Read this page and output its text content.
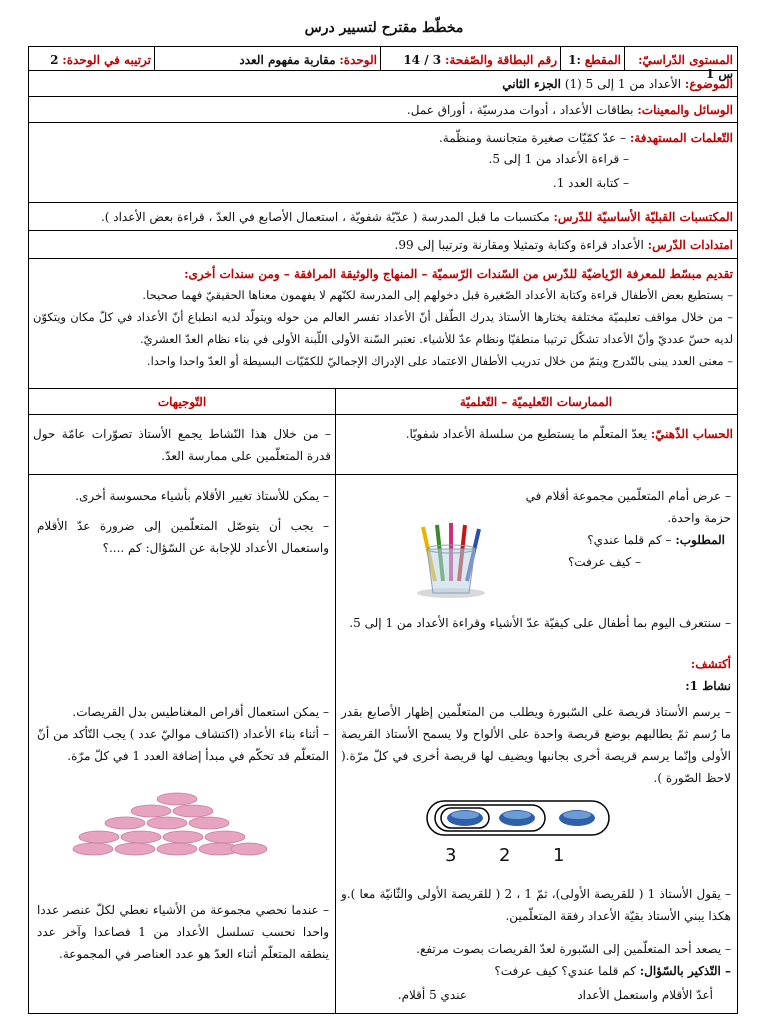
مخطّط مقترح لتسيير درس
المستوى الدّراسيّ: س 1
المقطع :1
رقم البطاقة والصّفحة: 3 / 14
الوحدة: مقاربة مفهوم العدد
ترتيبه في الوحدة: 2
الموضوع: الأعداد من 1 إلى 5 (1) الجزء الثاني
الوسائل والمعينات: بطاقات الأعداد ، أدوات مدرسيّة ، أوراق عمل.
التّعلمات المستهدفة: – عدّ كمّيّات صغيرة متجانسة ومنظّمة.
– قراءة الأعداد من 1 إلى 5.
– كتابة العدد 1.
المكتسبات القبليّة الأساسيّة للدّرس: مكتسبات ما قبل المدرسة ( عدّيّة شفويّة ، استعمال الأصابع في العدّ ، قراءة بعض الأعداد ).
امتدادات الدّرس: الأعداد قراءة وكتابة وتمثيلا ومقارنة وترتيبا إلى 99.
تقديم مبسّط للمعرفة الرّياضيّة للدّرس من السّندات الرّسميّة – المنهاج والوثيقة المرافقة – ومن سندات أخرى:
– يستطيع بعض الأطفال قراءة وكتابة الأعداد الصّغيرة قبل دخولهم إلى المدرسة لكنّهم لا يفهمون معناها الحقيقيّ فهما صحيحا.
– من خلال مواقف تعليميّة مختلفة يختارها الأستاذ يدرك الطّفل أنّ الأعداد تفسر العالم من حوله ويتولّد لديه انطباع أنّ الأعداد في كلّ مكان ويتكوّن لديه حسّ عدديّ وأنّ الأعداد تشكّل ترتيبا منطقيّا ونظام عدّ للأشياء. تعتبر السّنة الأولى اللّبنة الأولى في بناء نظام العدّ العشريّ.
– معنى العدد يبنى بالتّدرج ويتمّ من خلال تدريب الأطفال الاعتماد على الإدراك الإجماليّ للكمّيّات البسيطة أو العدّ واحدا واحدا.
الممارسات التّعليميّة – التّعلميّة
التّوجيهات
الحساب الذّهنيّ: يعدّ المتعلّم ما يستطيع من سلسلة الأعداد شفويّا.
– من خلال هذا النّشاط يجمع الأستاذ تصوّرات عامّة حول قدرة المتعلّمين على ممارسة العدّ.
– عرض أمام المتعلّمين مجموعة أقلام في حزمة واحدة.
المطلوب: – كم قلما عندي؟
– كيف عرفت؟
– سنتعرف اليوم بما أطفال على كيفيّة عدّ الأشياء وقراءة الأعداد من 1 إلى 5.
أكتشف:
نشاط 1:
– يرسم الأستاذ قريصة على السّبورة ويطلب من المتعلّمين إظهار الأصابع بقدر ما رُسم ثمّ يطالبهم بوضع قريصة واحدة على الألواح ولا يسمح الأستاذ القريصة الأولى وإنّما يرسم قريصة أخرى بجانبها ويضيف لها قريصة أخرى في كلّ مرّة.( لاحظ الصّورة ).
3 2 1
– يقول الأستاذ 1 ( للقريصة الأولى)، ثمّ 1 ، 2 ( للقريصة الأولى والثّانيّة معا ).و هكذا يبني الأستاذ بقيّة الأعداد رفقة المتعلّمين.
– يصعد أحد المتعلّمين إلى السّبورة لعدّ القريصات بصوت مرتفع.
– التّذكير بالسّؤال: كم قلما عندي؟ كيف عرفت؟
أعدّ الأقلام واستعمل الأعداد
عندي 5 أقلام.
– يمكن للأستاذ تغيير الأقلام بأشياء محسوسة أخرى.
– يجب أن يتوصّل المتعلّمين إلى ضرورة عدّ الأقلام واستعمال الأعداد للإجابة عن السّؤال: كم ....؟
– يمكن استعمال أقراص المغناطيس بدل القريصات.
– أثناء بناء الأعداد (اكتشاف مواليّ عدد ) يجب التّأكد من أنّ المتعلّم قد تحكّم في مبدأ إضافة العدد 1 في كلّ مرّة.
– عندما نحصي مجموعة من الأشياء نعطي لكلّ عنصر عددا واحدا نحسب تسلسل الأعداد من 1 فصاعدا وآخر عدد ينطقه المتعلّم أثناء العدّ هو عدد العناصر في المجموعة.
